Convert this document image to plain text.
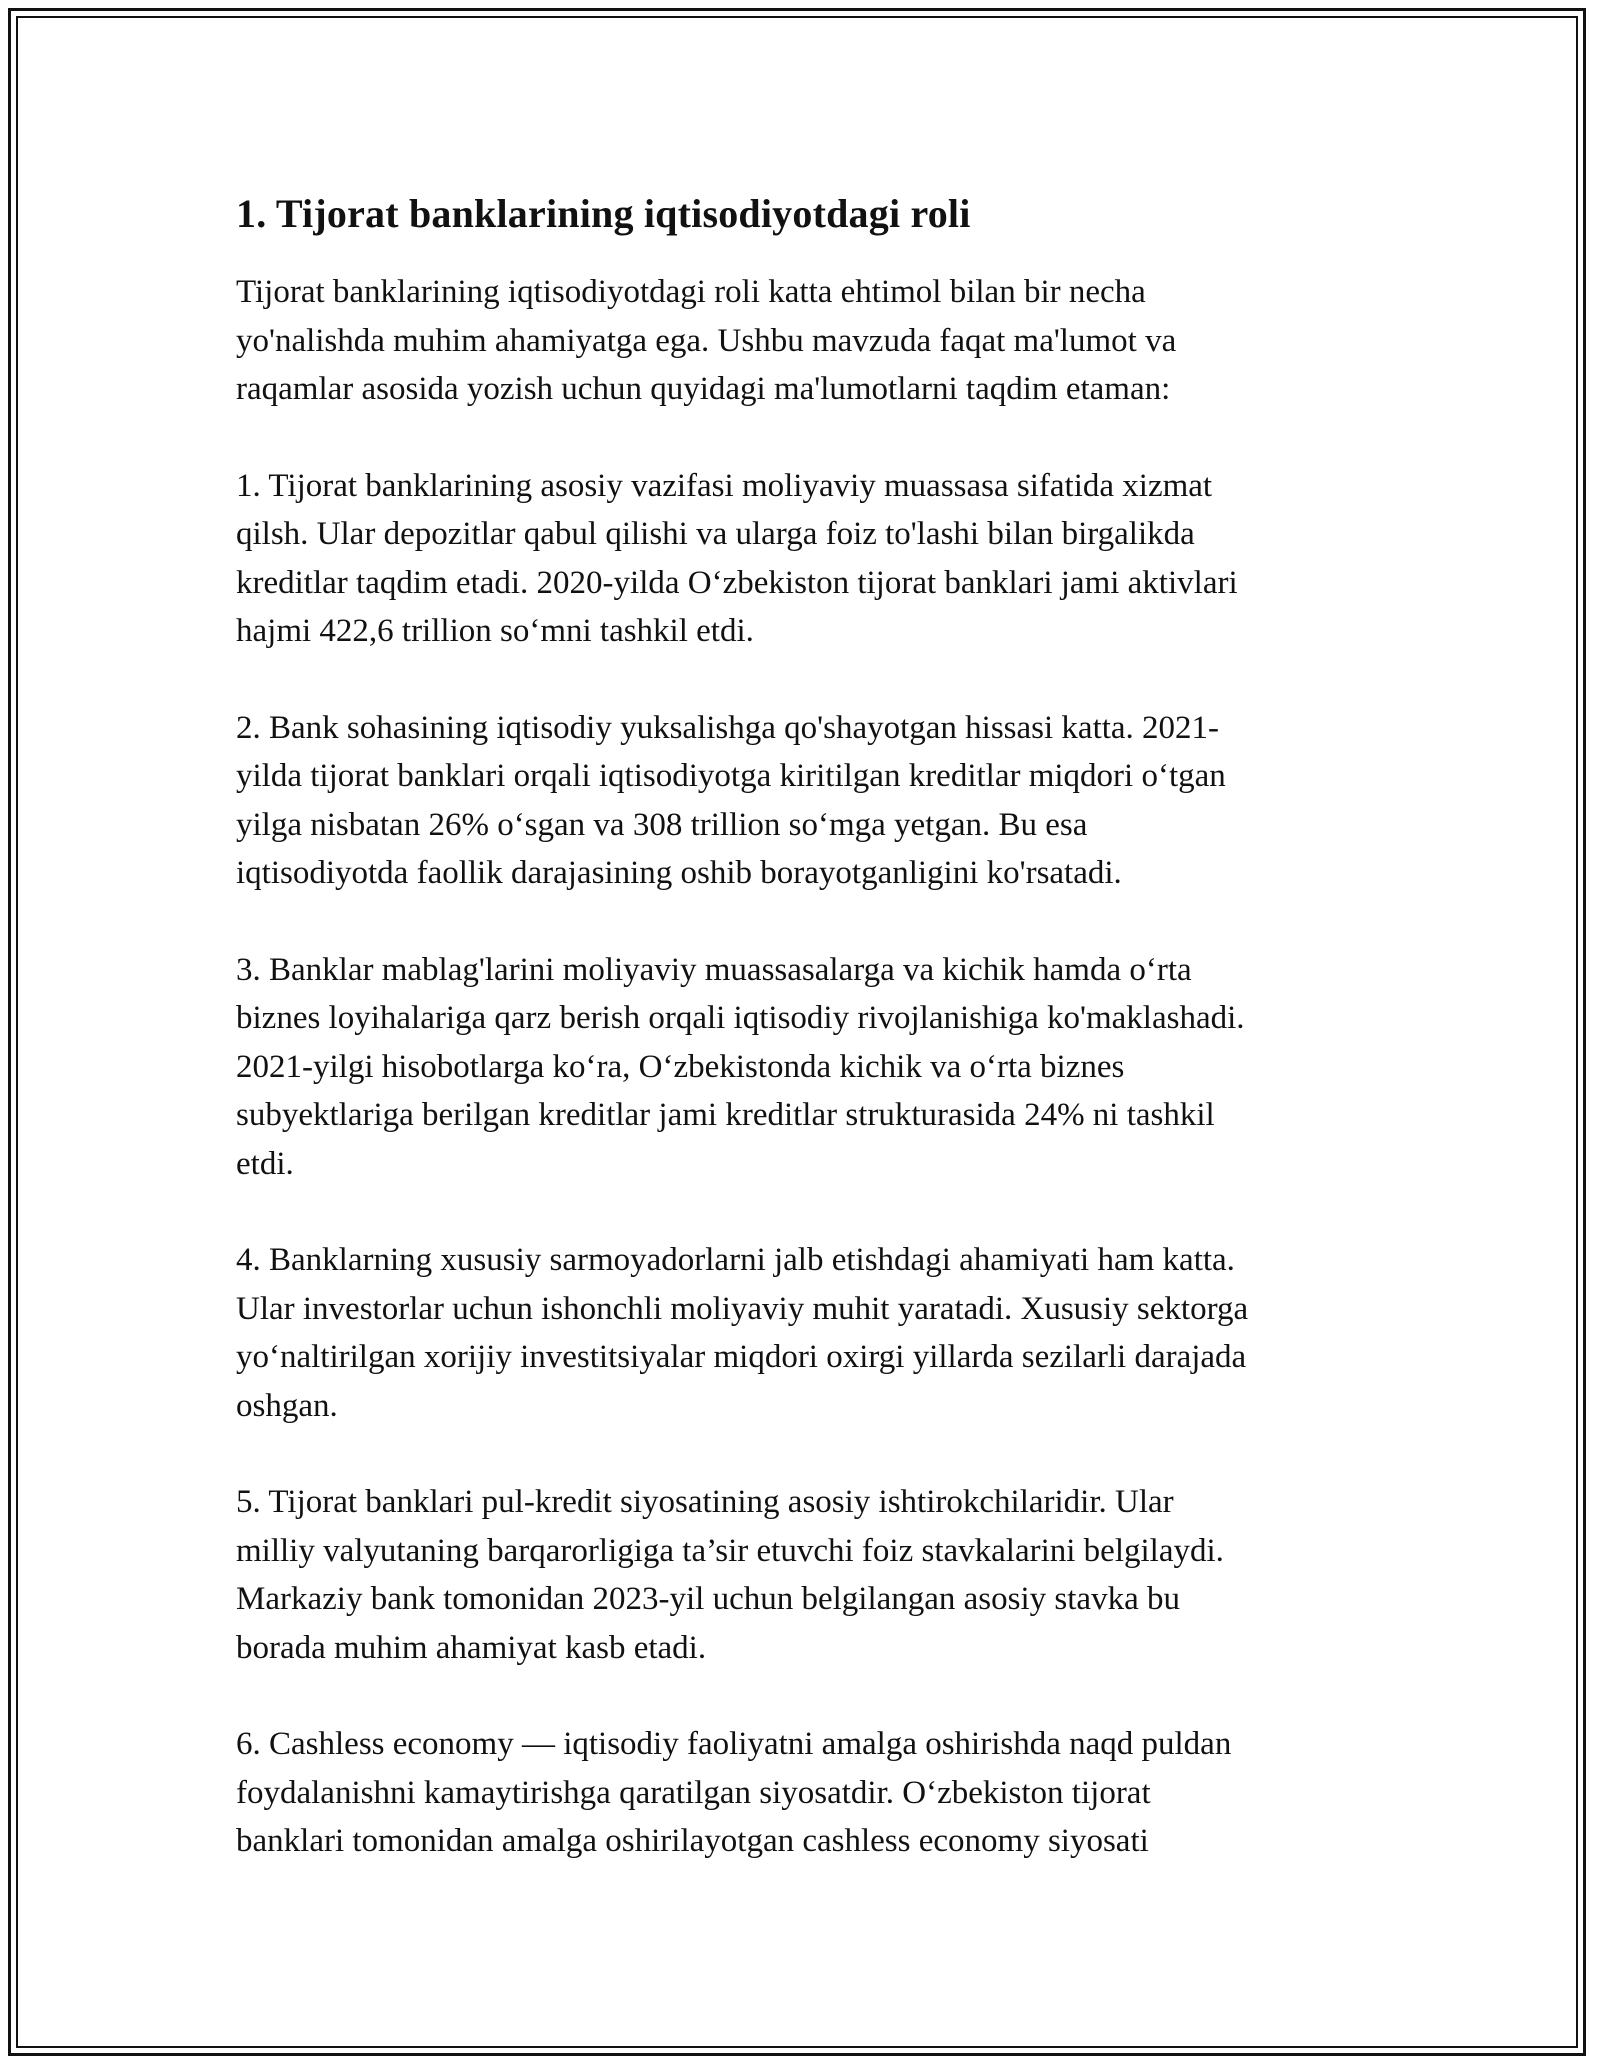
1. Tijorat banklarining iqtisodiyotdagi roli

Tijorat banklarining iqtisodiyotdagi roli katta ehtimol bilan bir necha
yo'nalishda muhim ahamiyatga ega. Ushbu mavzuda faqat ma'lumot va
raqamlar asosida yozish uchun quyidagi ma'lumotlarni taqdim etaman:

1. Tijorat banklarining asosiy vazifasi moliyaviy muassasa sifatida xizmat
qilsh. Ular depozitlar qabul qilishi va ularga foiz to'lashi bilan birgalikda
kreditlar taqdim etadi. 2020-yilda O‘zbekiston tijorat banklari jami aktivlari
hajmi 422,6 trillion so‘mni tashkil etdi.

2. Bank sohasining iqtisodiy yuksalishga qo'shayotgan hissasi katta. 2021-
yilda tijorat banklari orqali iqtisodiyotga kiritilgan kreditlar miqdori o‘tgan
yilga nisbatan 26% o‘sgan va 308 trillion so‘mga yetgan. Bu esa
iqtisodiyotda faollik darajasining oshib borayotganligini ko'rsatadi.

3. Banklar mablag'larini moliyaviy muassasalarga va kichik hamda o‘rta
biznes loyihalariga qarz berish orqali iqtisodiy rivojlanishiga ko'maklashadi.
2021-yilgi hisobotlarga ko‘ra, O‘zbekistonda kichik va o‘rta biznes
subyektlariga berilgan kreditlar jami kreditlar strukturasida 24% ni tashkil
etdi.

4. Banklarning xususiy sarmoyadorlarni jalb etishdagi ahamiyati ham katta.
Ular investorlar uchun ishonchli moliyaviy muhit yaratadi. Xususiy sektorga
yo‘naltirilgan xorijiy investitsiyalar miqdori oxirgi yillarda sezilarli darajada
oshgan.

5. Tijorat banklari pul-kredit siyosatining asosiy ishtirokchilaridir. Ular
milliy valyutaning barqarorligiga ta’sir etuvchi foiz stavkalarini belgilaydi.
Markaziy bank tomonidan 2023-yil uchun belgilangan asosiy stavka bu
borada muhim ahamiyat kasb etadi.

6. Cashless economy — iqtisodiy faoliyatni amalga oshirishda naqd puldan
foydalanishni kamaytirishga qaratilgan siyosatdir. O‘zbekiston tijorat
banklari tomonidan amalga oshirilayotgan cashless economy siyosati
